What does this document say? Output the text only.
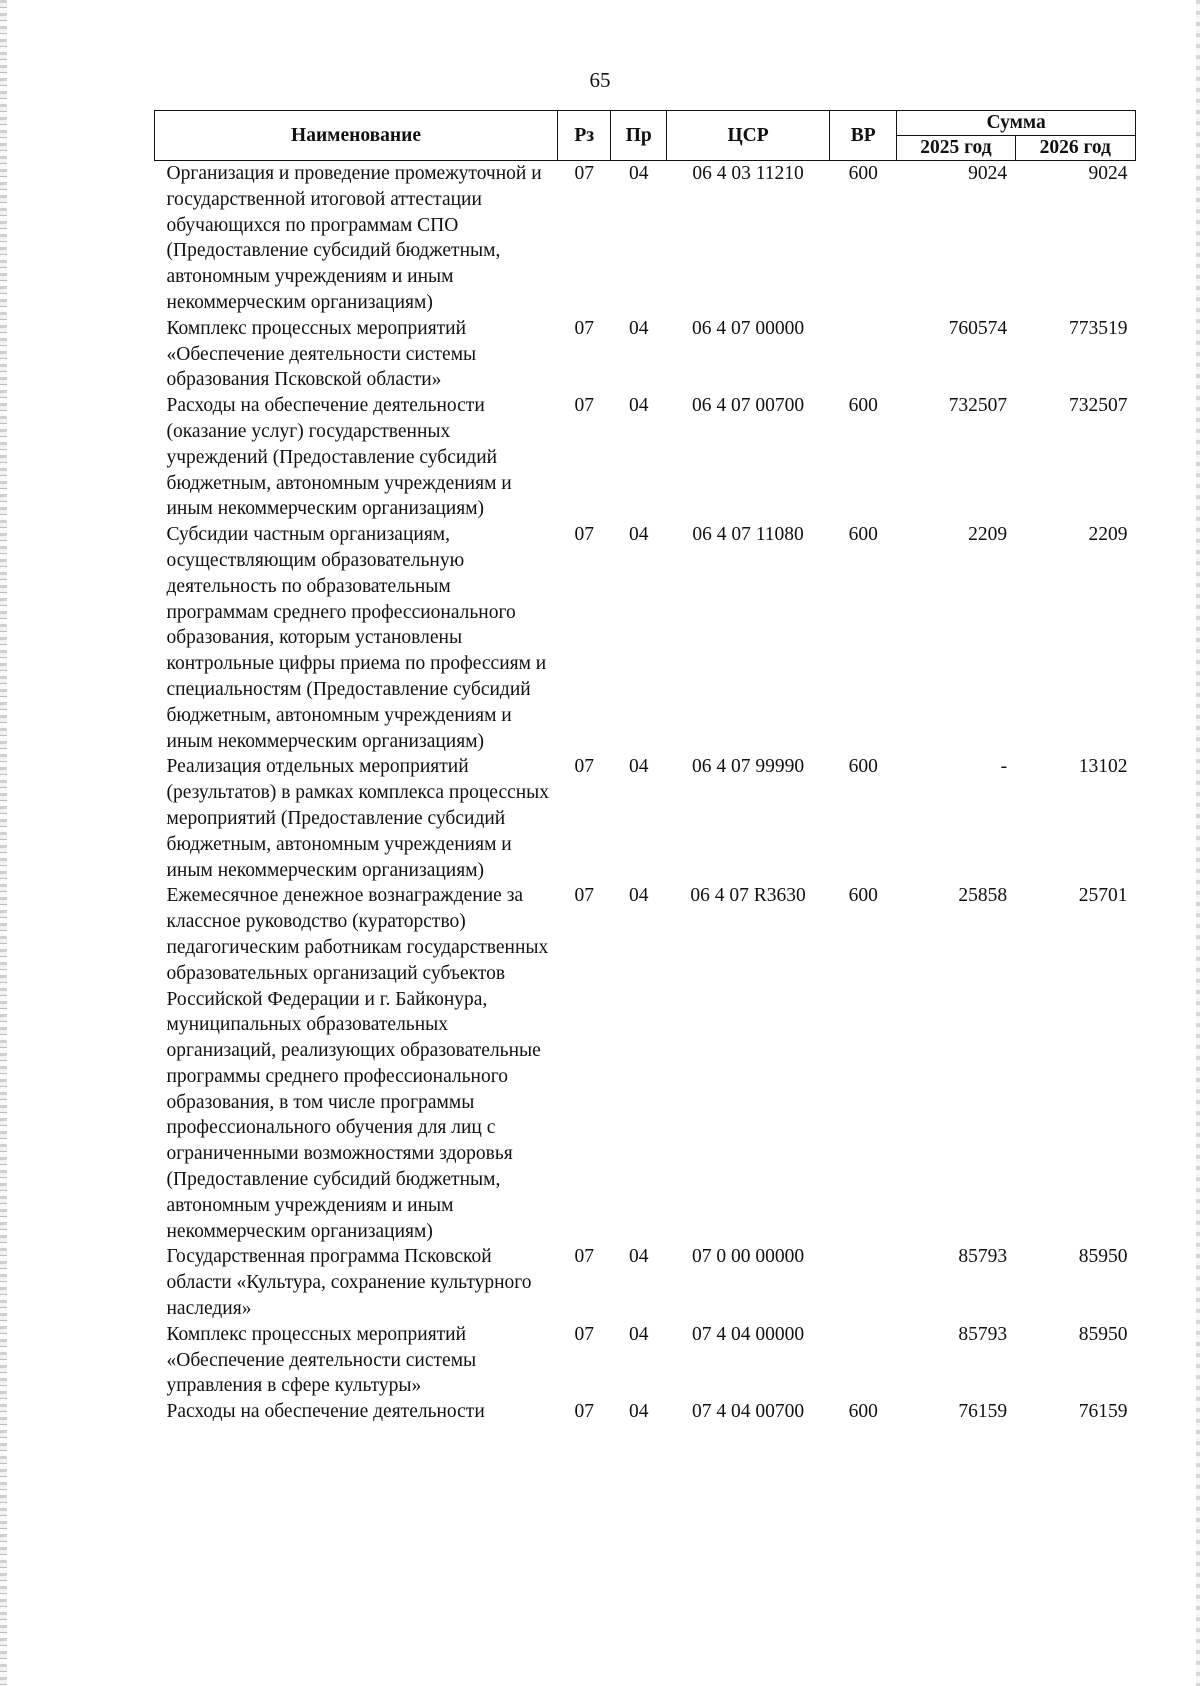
65
Наименование	Рз	Пр	ЦСР	ВР	Сумма	
					2025 год	2026 год
Организация и проведение промежуточной и государственной итоговой аттестации обучающихся по программам СПО (Предоставление субсидий бюджетным, автономным учреждениям и иным некоммерческим организациям)	07	04	06 4 03 11210	600	9024	9024
Комплекс процессных мероприятий «Обеспечение деятельности системы образования Псковской области»	07	04	06 4 07 00000		760574	773519
Расходы на обеспечение деятельности (оказание услуг) государственных учреждений (Предоставление субсидий бюджетным, автономным учреждениям и иным некоммерческим организациям)	07	04	06 4 07 00700	600	732507	732507
Субсидии частным организациям, осуществляющим образовательную деятельность по образовательным программам среднего профессионального образования, которым установлены контрольные цифры приема по профессиям и специальностям (Предоставление субсидий бюджетным, автономным учреждениям и иным некоммерческим организациям)	07	04	06 4 07 11080	600	2209	2209
Реализация отдельных мероприятий (результатов) в рамках комплекса процессных мероприятий (Предоставление субсидий бюджетным, автономным учреждениям и иным некоммерческим организациям)	07	04	06 4 07 99990	600	-	13102
Ежемесячное денежное вознаграждение за классное руководство (кураторство) педагогическим работникам государственных образовательных организаций субъектов Российской Федерации и г. Байконура, муниципальных образовательных организаций, реализующих образовательные программы среднего профессионального образования, в том числе программы профессионального обучения для лиц с ограниченными возможностями здоровья (Предоставление субсидий бюджетным, автономным учреждениям и иным некоммерческим организациям)	07	04	06 4 07 R3630	600	25858	25701
Государственная программа Псковской области «Культура, сохранение культурного наследия»	07	04	07 0 00 00000		85793	85950
Комплекс процессных мероприятий «Обеспечение деятельности системы управления в сфере культуры»	07	04	07 4 04 00000		85793	85950
Расходы на обеспечение деятельности	07	04	07 4 04 00700	600	76159	76159
